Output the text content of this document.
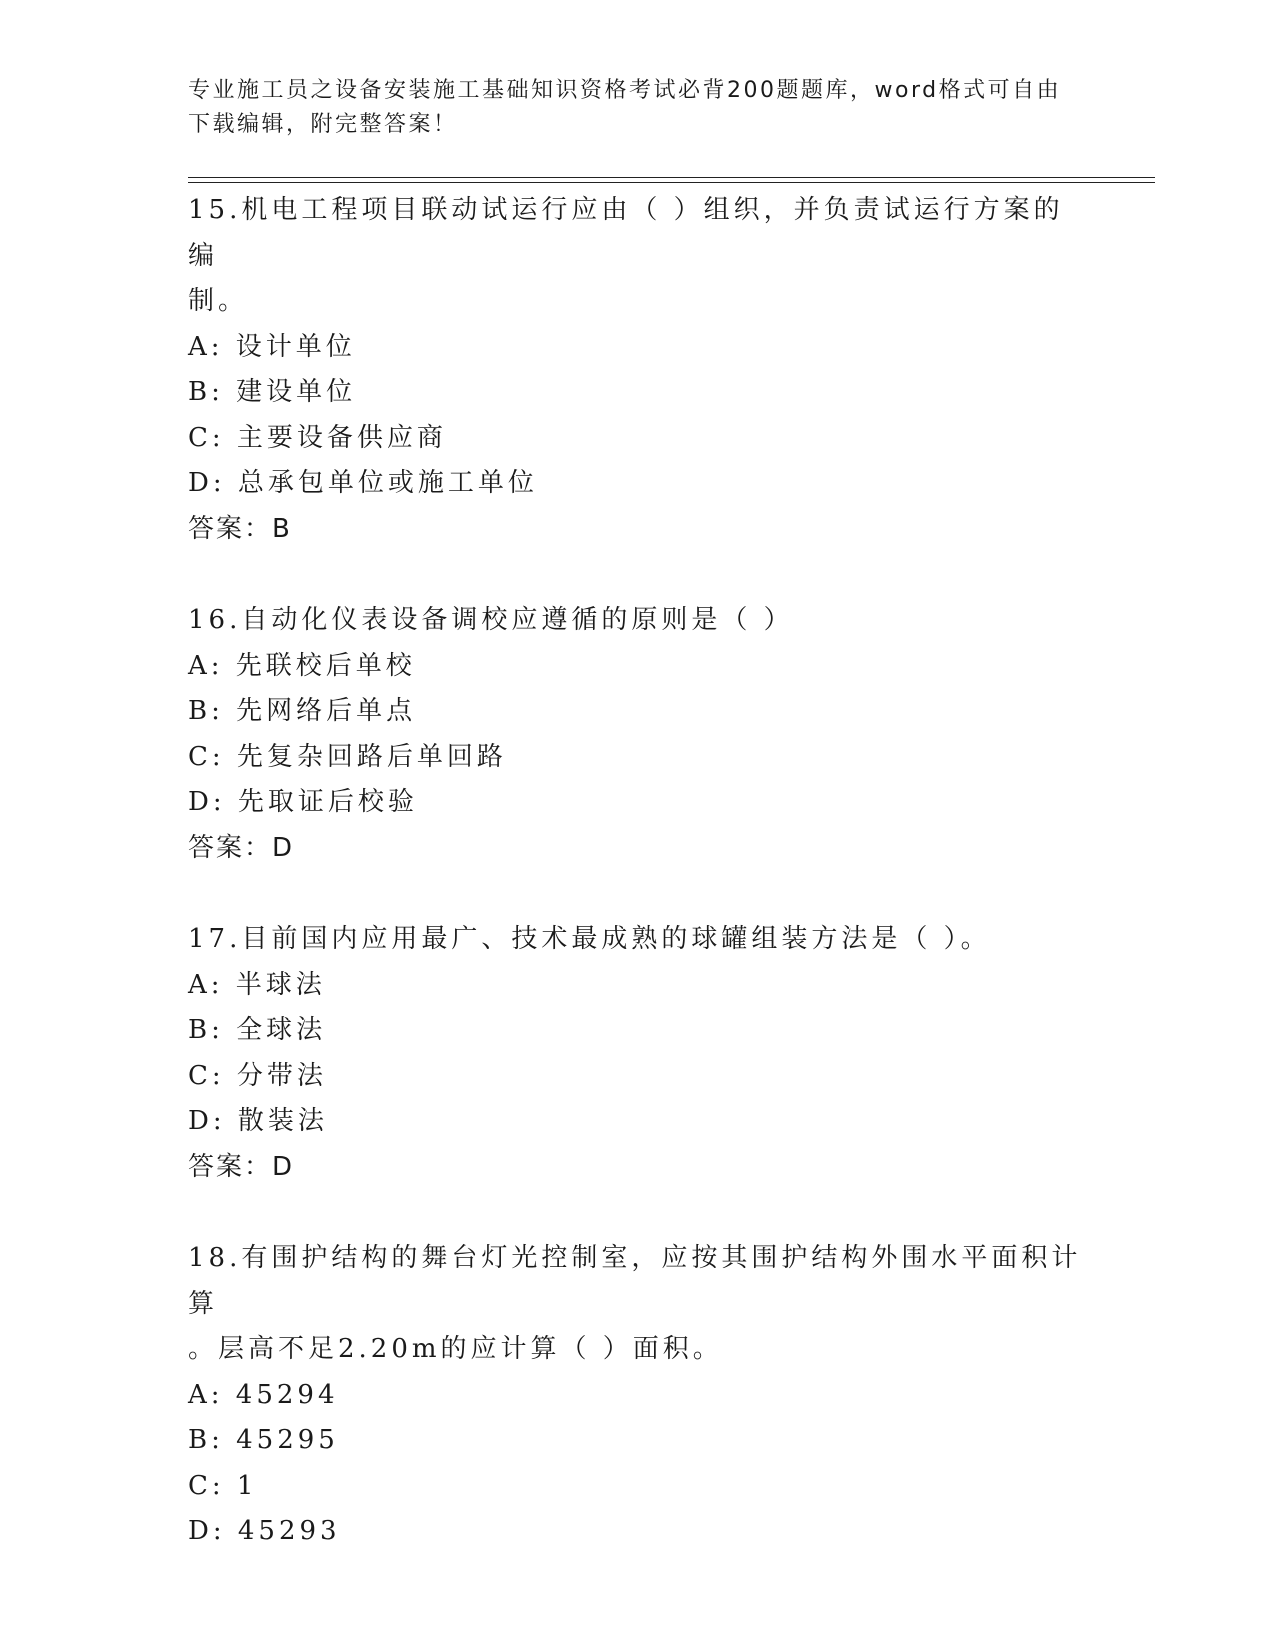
专业施工员之设备安装施工基础知识资格考试必背200题题库，word格式可自由下载编辑，附完整答案！
15.机电工程项目联动试运行应由（ ）组织，并负责试运行方案的编
制。
A: 设计单位
B: 建设单位
C: 主要设备供应商
D: 总承包单位或施工单位
答案：B
16.自动化仪表设备调校应遵循的原则是（ ）
A: 先联校后单校
B: 先网络后单点
C: 先复杂回路后单回路
D: 先取证后校验
答案：D
17.目前国内应用最广、技术最成熟的球罐组装方法是（ ）。
A: 半球法
B: 全球法
C: 分带法
D: 散装法
答案：D
18.有围护结构的舞台灯光控制室，应按其围护结构外围水平面积计算
。层高不足2.20m的应计算（ ）面积。
A: 45294
B: 45295
C: 1
D: 45293
